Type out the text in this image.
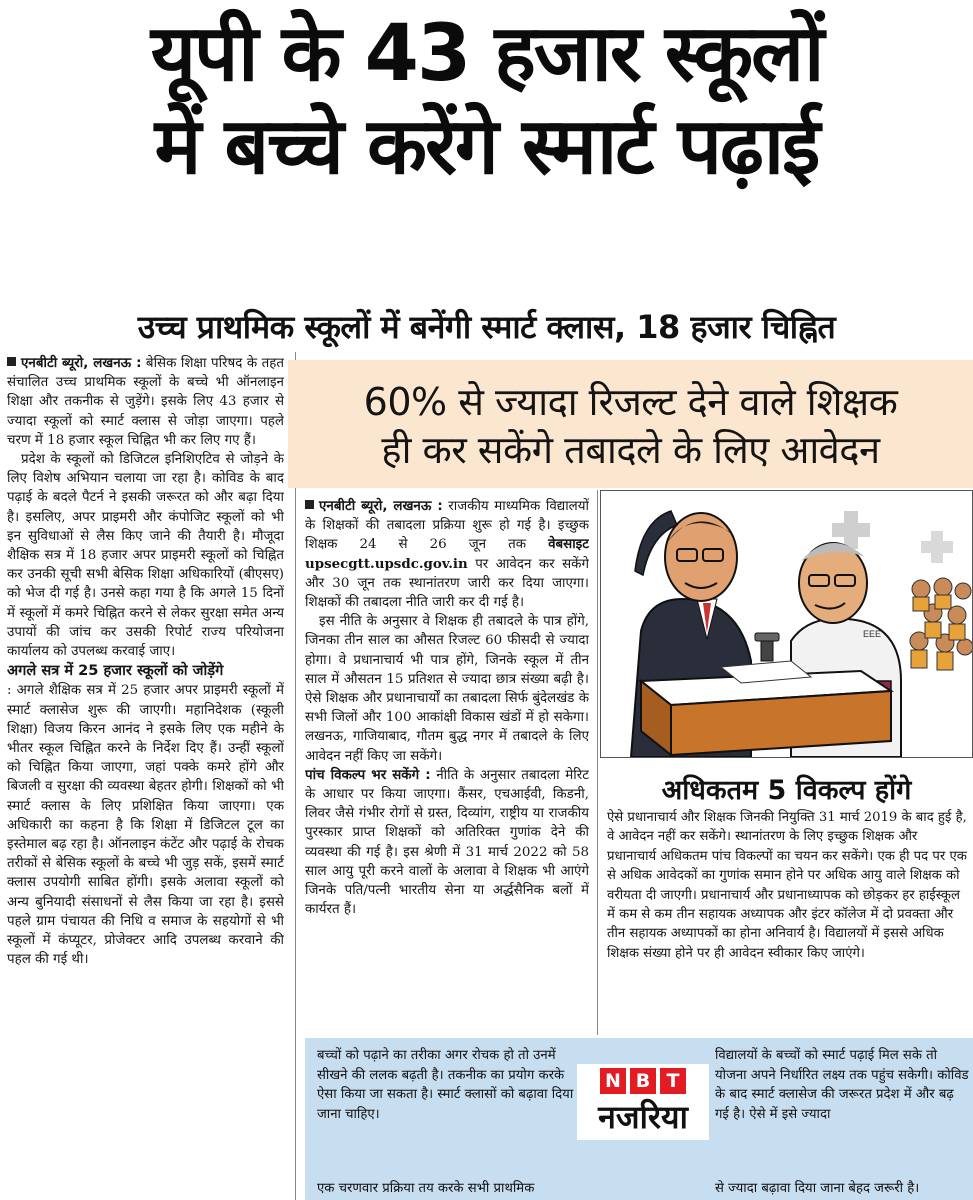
यूपी के 43 हजार स्कूलों
में बच्चे करेंगे स्मार्ट पढ़ाई
उच्च प्राथमिक स्कूलों में बनेंगी स्मार्ट क्लास, 18 हजार चिह्नित

एनबीटी ब्यूरो, लखनऊ : बेसिक शिक्षा परिषद के तहत संचालित उच्च प्राथमिक स्कूलों के बच्चे भी ऑनलाइन शिक्षा और तकनीक से जुड़ेंगे। इसके लिए 43 हजार से ज्यादा स्कूलों को स्मार्ट क्लास से जोड़ा जाएगा। पहले चरण में 18 हजार स्कूल चिह्नित भी कर लिए गए हैं।

प्रदेश के स्कूलों को डिजिटल इनिशिएटिव से जोड़ने के लिए विशेष अभियान चलाया जा रहा है। कोविड के बाद पढ़ाई के बदले पैटर्न ने इसकी जरूरत को और बढ़ा दिया है। इसलिए, अपर प्राइमरी और कंपोजिट स्कूलों को भी इन सुविधाओं से लैस किए जाने की तैयारी है। मौजूदा शैक्षिक सत्र में 18 हजार अपर प्राइमरी स्कूलों को चिह्नित कर उनकी सूची सभी बेसिक शिक्षा अधिकारियों (बीएसए) को भेज दी गई है। उनसे कहा गया है कि अगले 15 दिनों में स्कूलों में कमरे चिह्नित करने से लेकर सुरक्षा समेत अन्य उपायों की जांच कर उसकी रिपोर्ट राज्य परियोजना कार्यालय को उपलब्ध करवाई जाए।

अगले सत्र में 25 हजार स्कूलों को जोड़ेंगे
: अगले शैक्षिक सत्र में 25 हजार अपर प्राइमरी स्कूलों में स्मार्ट क्लासेज शुरू की जाएगी। महानिदेशक (स्कूली शिक्षा) विजय किरन आनंद ने इसके लिए एक महीने के भीतर स्कूल चिह्नित करने के निर्देश दिए हैं। उन्हीं स्कूलों को चिह्नित किया जाएगा, जहां पक्के कमरे होंगे और बिजली व सुरक्षा की व्यवस्था बेहतर होगी। शिक्षकों को भी स्मार्ट क्लास के लिए प्रशिक्षित किया जाएगा। एक अधिकारी का कहना है कि शिक्षा में डिजिटल टूल का इस्तेमाल बढ़ रहा है। ऑनलाइन कंटेंट और पढ़ाई के रोचक तरीकों से बेसिक स्कूलों के बच्चे भी जुड़ सकें, इसमें स्मार्ट क्लास उपयोगी साबित होंगी। इसके अलावा स्कूलों को अन्य बुनियादी संसाधनों से लैस किया जा रहा है। इससे पहले ग्राम पंचायत की निधि व समाज के सहयोगों से भी स्कूलों में कंप्यूटर, प्रोजेक्टर आदि उपलब्ध करवाने की पहल की गई थी।

60% से ज्यादा रिजल्ट देने वाले शिक्षक
ही कर सकेंगे तबादले के लिए आवेदन

एनबीटी ब्यूरो, लखनऊ : राजकीय माध्यमिक विद्यालयों के शिक्षकों की तबादला प्रक्रिया शुरू हो गई है। इच्छुक शिक्षक 24 से 26 जून तक वेबसाइट upsecgtt.upsdc.gov.in पर आवेदन कर सकेंगे और 30 जून तक स्थानांतरण जारी कर दिया जाएगा। शिक्षकों की तबादला नीति जारी कर दी गई है।

इस नीति के अनुसार वे शिक्षक ही तबादले के पात्र होंगे, जिनका तीन साल का औसत रिजल्ट 60 फीसदी से ज्यादा होगा। वे प्रधानाचार्य भी पात्र होंगे, जिनके स्कूल में तीन साल में औसतन 15 प्रतिशत से ज्यादा छात्र संख्या बढ़ी है। ऐसे शिक्षक और प्रधानाचार्यों का तबादला सिर्फ बुंदेलखंड के सभी जिलों और 100 आकांक्षी विकास खंडों में हो सकेगा। लखनऊ, गाजियाबाद, गौतम बुद्ध नगर में तबादले के लिए आवेदन नहीं किए जा सकेंगे।

पांच विकल्प भर सकेंगे : नीति के अनुसार तबादला मेरिट के आधार पर किया जाएगा। कैंसर, एचआईवी, किडनी, लिवर जैसे गंभीर रोगों से ग्रस्त, दिव्यांग, राष्ट्रीय या राजकीय पुरस्कार प्राप्त शिक्षकों को अतिरिक्त गुणांक देने की व्यवस्था की गई है। इस श्रेणी में 31 मार्च 2022 को 58 साल आयु पूरी करने वालों के अलावा वे शिक्षक भी आएंगे जिनके पति/पत्नी भारतीय सेना या अर्द्धसैनिक बलों में कार्यरत हैं।

EEE
अधिकतम 5 विकल्प होंगे
ऐसे प्रधानाचार्य और शिक्षक जिनकी नियुक्ति 31 मार्च 2019 के बाद हुई है, वे आवेदन नहीं कर सकेंगे। स्थानांतरण के लिए इच्छुक शिक्षक और प्रधानाचार्य अधिकतम पांच विकल्पों का चयन कर सकेंगे। एक ही पद पर एक से अधिक आवेदकों का गुणांक समान होने पर अधिक आयु वाले शिक्षक को वरीयता दी जाएगी। प्रधानाचार्य और प्रधानाध्यापक को छोड़कर हर हाईस्कूल में कम से कम तीन सहायक अध्यापक और इंटर कॉलेज में दो प्रवक्ता और तीन सहायक अध्यापकों का होना अनिवार्य है। विद्यालयों में इससे अधिक शिक्षक संख्या होने पर ही आवेदन स्वीकार किए जाएंगे।
बच्चों को पढ़ाने का तरीका अगर रोचक हो तो उनमें सीखने की ललक बढ़ती है। तकनीक का प्रयोग करके ऐसा किया जा सकता है। स्मार्ट क्लासों को बढ़ावा दिया जाना चाहिए।
N B T
नजरिया
विद्यालयों के बच्चों को स्मार्ट पढ़ाई मिल सके तो योजना अपने निर्धारित लक्ष्य तक पहुंच सकेगी। कोविड के बाद स्मार्ट क्लासेज की जरूरत प्रदेश में और बढ़ गई है। ऐसे में इसे ज्यादा
एक चरणवार प्रक्रिया तय करके सभी प्राथमिक	से ज्यादा बढ़ावा दिया जाना बेहद जरूरी है।
